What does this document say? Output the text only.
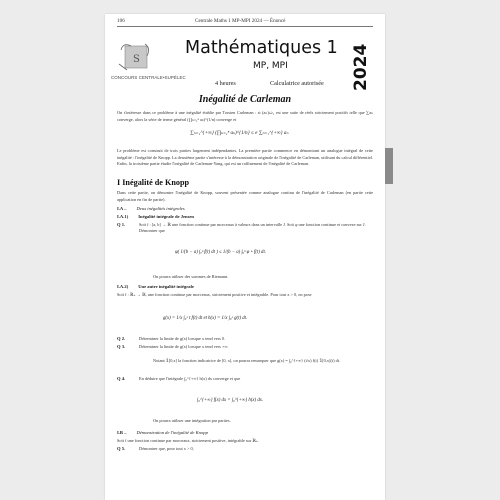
106	Centrale Maths 1 MP-MPI 2024 — Énoncé
S
CONCOURS CENTRALE•SUPÉLEC
Mathématiques 1
MP, MPI	2024
4 heures	Calculatrice autorisée
Inégalité de Carleman
On s'intéresse dans ce problème à une inégalité établie par Torsten Carleman : si (aₙ)ₙ≥₁ est une suite de réels strictement positifs telle que ∑aₙ converge, alors la série de terme général (∏ₖ₌₁ⁿ aₖ)^(1/n) converge et
∑ₙ₌₁^{+∞} (∏ₖ₌₁ⁿ aₖ)^{1/n} ≤ e ∑ₙ₌₁^{+∞} aₙ
Le problème est construit de trois parties largement indépendantes. La première partie commence en démontrant un analogue intégral de cette inégalité : l'inégalité de Knopp. La deuxième partie s'intéresse à la démonstration originale de l'inégalité de Carleman, utilisant du calcul différentiel. Enfin, la troisième partie étudie l'inégalité de Carleman-Yang, qui est un raffinement de l'inégalité de Carleman.
I Inégalité de Knopp
Dans cette partie, on démontre l'inégalité de Knopp, souvent présentée comme analogue continu de l'inégalité de Carleman (en partie cette application en fin de partie).
I.A – Deux inégalités intégrales
I.A.1) Inégalité intégrale de Jensen
Q 1.	Soit f : [a, b] → ℝ une fonction continue par morceaux à valeurs dans un intervalle J. Soit φ une fonction continue et convexe sur J. Démontrer que
φ( 1/(b − a) ∫ₐᵇ f(t) dt ) ≤ 1/(b − a) ∫ₐᵇ φ ∘ f(t) dt.
On pourra utiliser des sommes de Riemann.
I.A.2) Une autre inégalité intégrale
Soit f : ℝ₊ → ℝ, une fonction continue par morceaux, strictement positive et intégrable. Pour tout x > 0, on pose
g(x) = 1/x ∫₀ˣ t f(t) dt et h(x) = 1/x ∫₀ˣ g(t) dt.
Q 2.	Déterminer la limite de g(x) lorsque x tend vers 0.
Q 3.	Déterminer la limite de g(x) lorsque x tend vers +∞.
Notant 𝟙[0,x] la fonction indicatrice de [0, x], on pourra remarquer que g(x) = ∫₀^{+∞} (t/x) f(t) 𝟙[0,x](t) dt.
Q 4.	En déduire que l'intégrale ∫₀^{+∞} h(x) dx converge et que
∫₀^{+∞} f(x) dx = ∫₀^{+∞} h(x) dx.
On pourra utiliser une intégration par parties.
I.B – Démonstration de l'inégalité de Knopp
Soit f une fonction continue par morceaux, strictement positive, intégrable sur ℝ₊.
Q 5.	Démontrer que, pour tout x > 0,
